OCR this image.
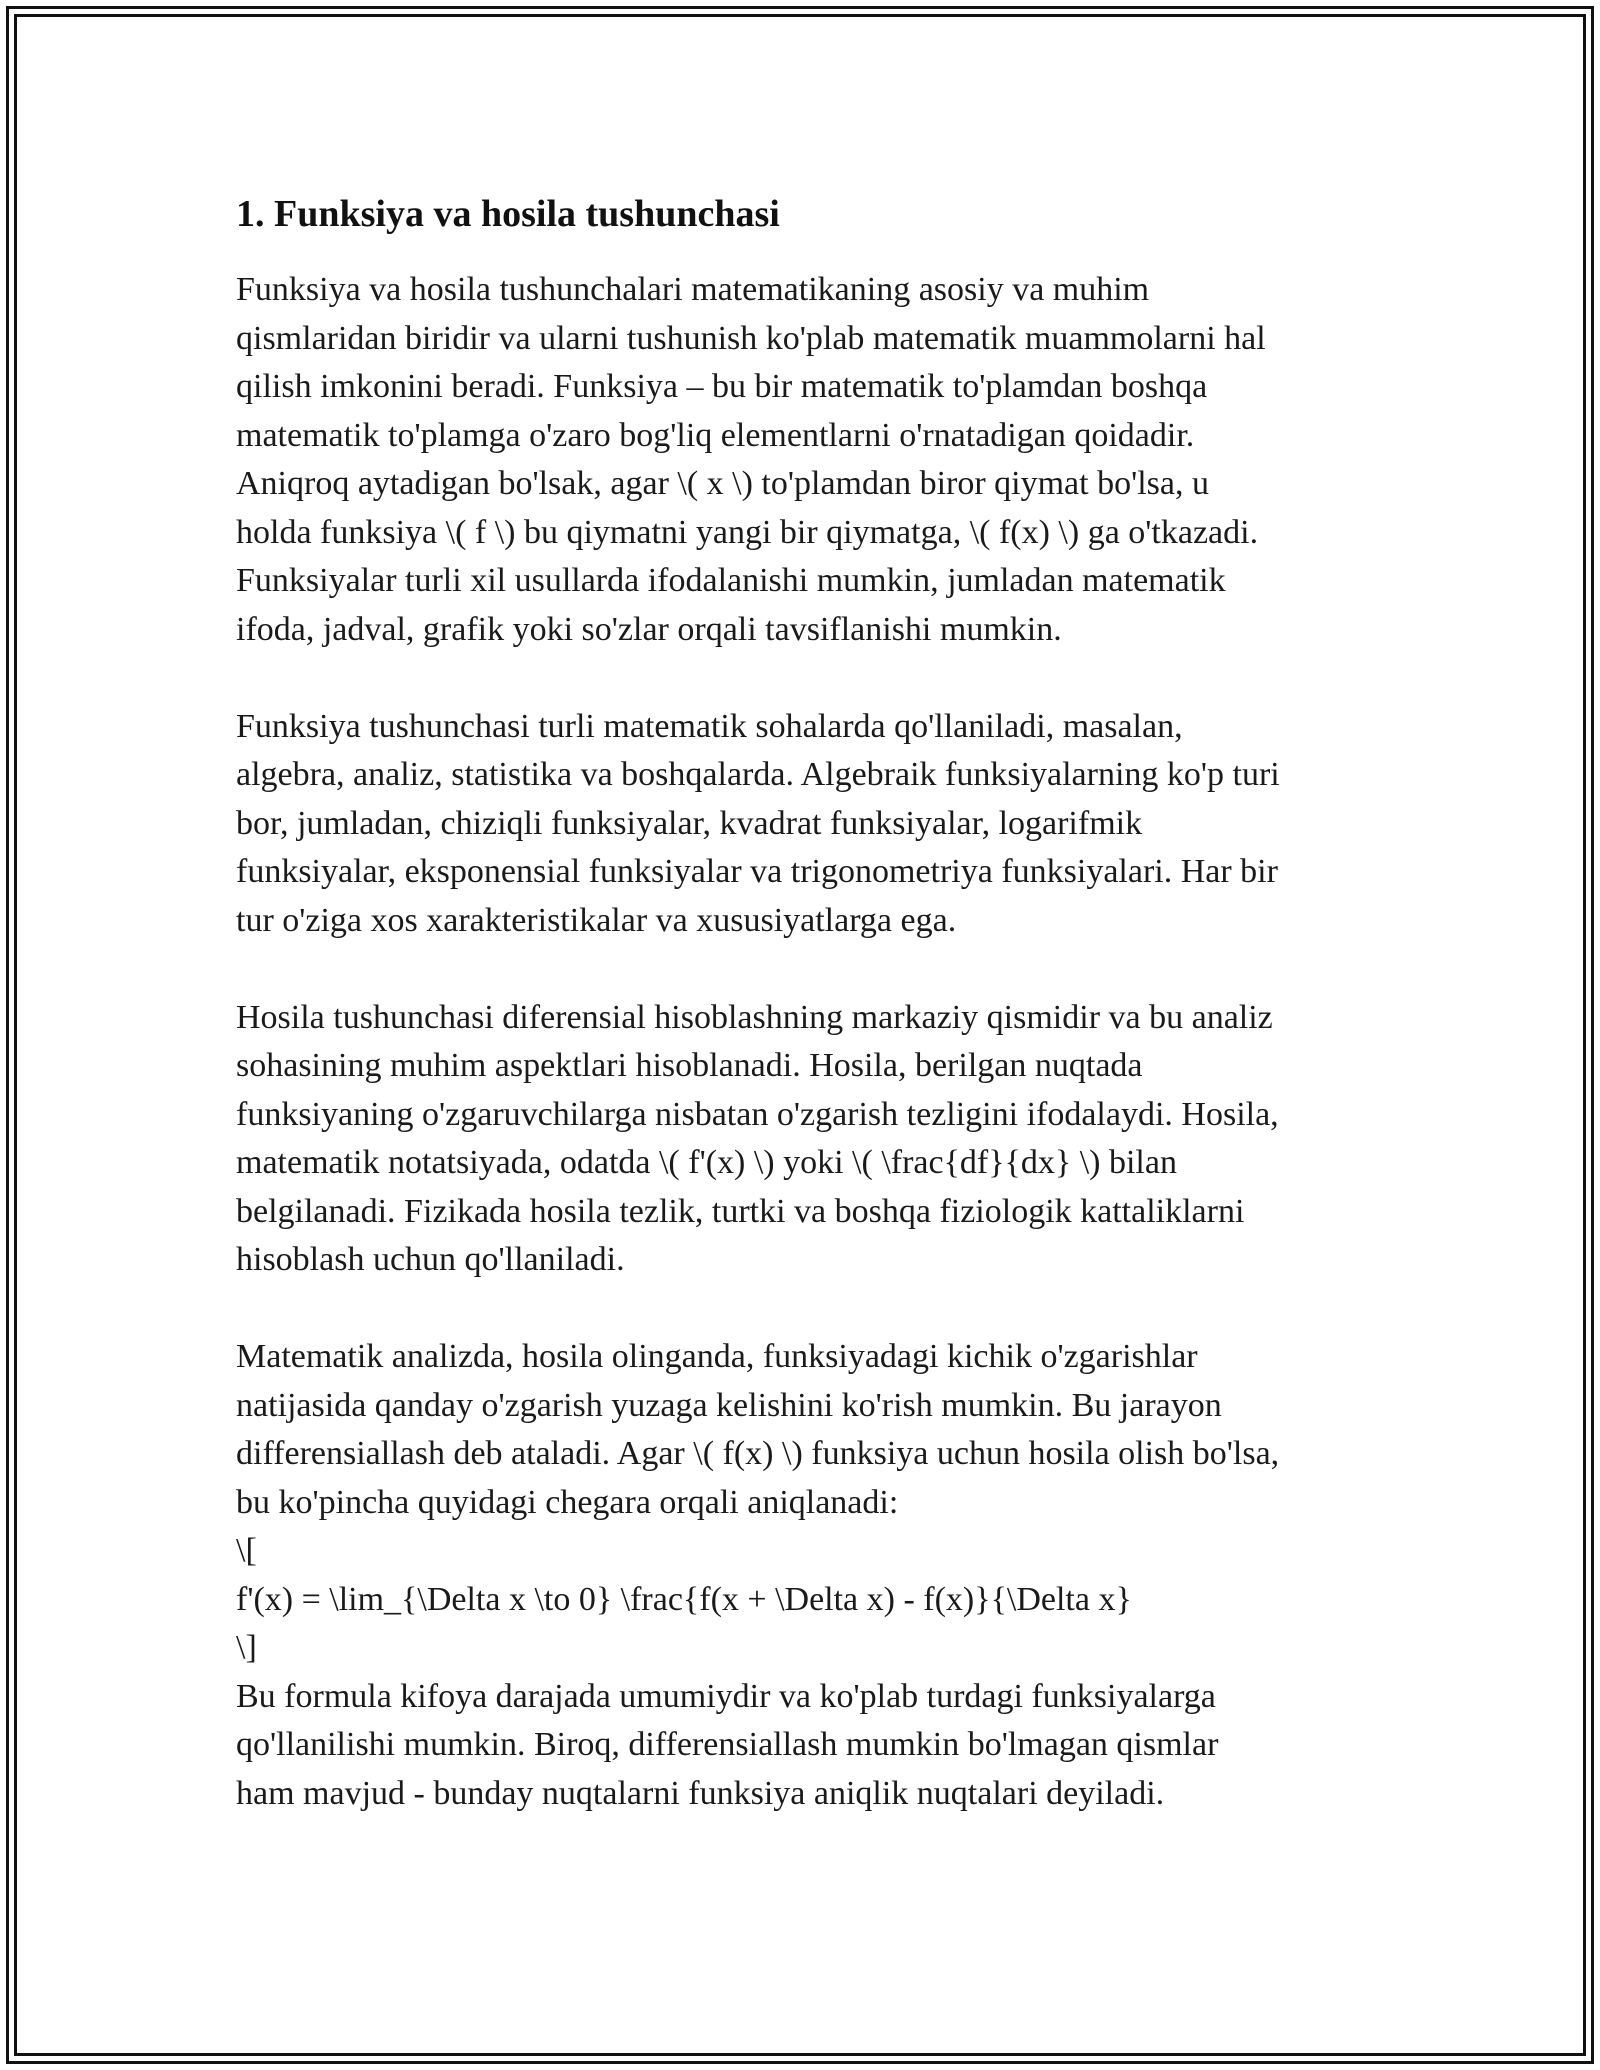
1. Funksiya va hosila tushunchasi

Funksiya va hosila tushunchalari matematikaning asosiy va muhim
qismlaridan biridir va ularni tushunish ko'plab matematik muammolarni hal
qilish imkonini beradi. Funksiya – bu bir matematik to'plamdan boshqa
matematik to'plamga o'zaro bog'liq elementlarni o'rnatadigan qoidadir.
Aniqroq aytadigan bo'lsak, agar \( x \) to'plamdan biror qiymat bo'lsa, u
holda funksiya \( f \) bu qiymatni yangi bir qiymatga, \( f(x) \) ga o'tkazadi.
Funksiyalar turli xil usullarda ifodalanishi mumkin, jumladan matematik
ifoda, jadval, grafik yoki so'zlar orqali tavsiflanishi mumkin.

Funksiya tushunchasi turli matematik sohalarda qo'llaniladi, masalan,
algebra, analiz, statistika va boshqalarda. Algebraik funksiyalarning ko'p turi
bor, jumladan, chiziqli funksiyalar, kvadrat funksiyalar, logarifmik
funksiyalar, eksponensial funksiyalar va trigonometriya funksiyalari. Har bir
tur o'ziga xos xarakteristikalar va xususiyatlarga ega.

Hosila tushunchasi diferensial hisoblashning markaziy qismidir va bu analiz
sohasining muhim aspektlari hisoblanadi. Hosila, berilgan nuqtada
funksiyaning o'zgaruvchilarga nisbatan o'zgarish tezligini ifodalaydi. Hosila,
matematik notatsiyada, odatda \( f'(x) \) yoki \( \frac{df}{dx} \) bilan
belgilanadi. Fizikada hosila tezlik, turtki va boshqa fiziologik kattaliklarni
hisoblash uchun qo'llaniladi.

Matematik analizda, hosila olinganda, funksiyadagi kichik o'zgarishlar
natijasida qanday o'zgarish yuzaga kelishini ko'rish mumkin. Bu jarayon
differensiallash deb ataladi. Agar \( f(x) \) funksiya uchun hosila olish bo'lsa,
bu ko'pincha quyidagi chegara orqali aniqlanadi:
\[
f'(x) = \lim_{\Delta x \to 0} \frac{f(x + \Delta x) - f(x)}{\Delta x}
\]
Bu formula kifoya darajada umumiydir va ko'plab turdagi funksiyalarga
qo'llanilishi mumkin. Biroq, differensiallash mumkin bo'lmagan qismlar
ham mavjud - bunday nuqtalarni funksiya aniqlik nuqtalari deyiladi.
